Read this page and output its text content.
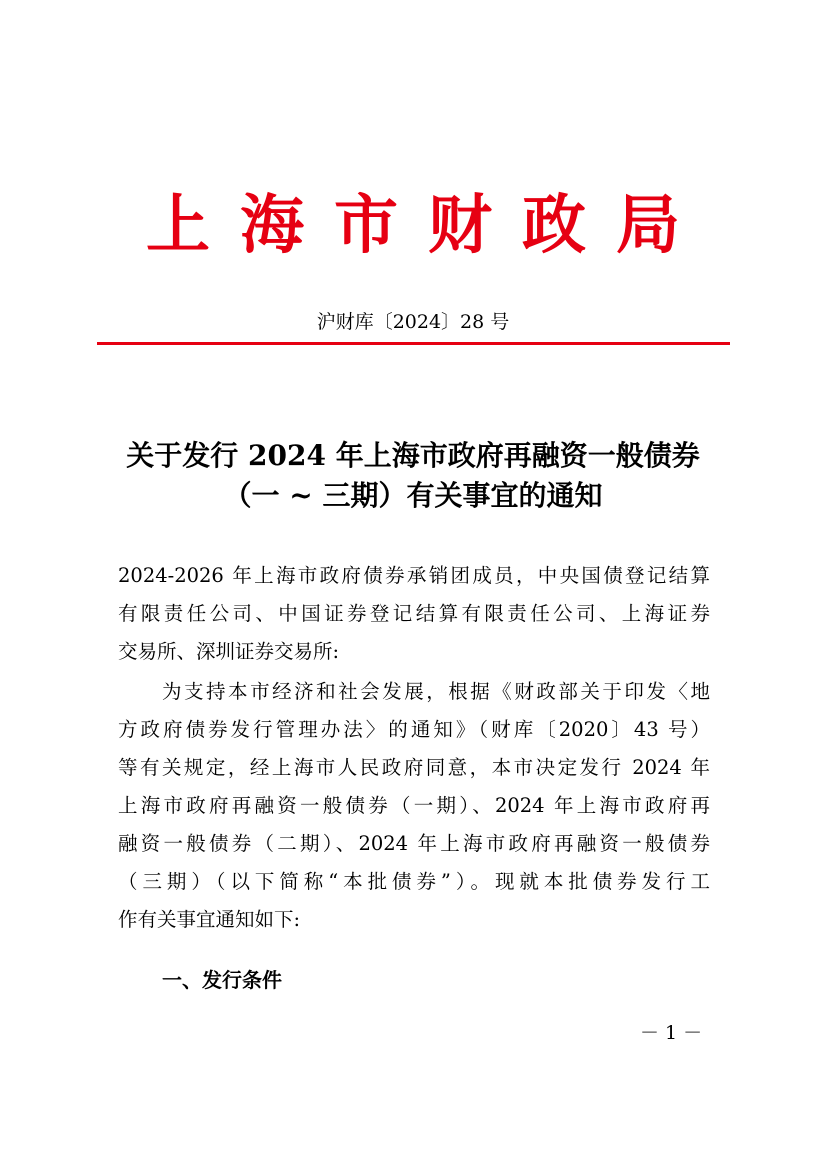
上海市财政局
沪财库〔2024〕28 号
关于发行 2024 年上海市政府再融资一般债券
（一 ~ 三期）有关事宜的通知
2024-2026 年上海市政府债券承销团成员，中央国债登记结算
有限责任公司、中国证券登记结算有限责任公司、上海证券
交易所、深圳证券交易所:
为支持本市经济和社会发展，根据《财政部关于印发〈地
方政府债券发行管理办法〉的通知》（财库〔2020〕43 号）
等有关规定，经上海市人民政府同意，本市决定发行 2024 年
上海市政府再融资一般债券（一期）、2024 年上海市政府再
融资一般债券（二期）、2024 年上海市政府再融资一般债券
（三期）（以下简称“本批债券”）。现就本批债券发行工
作有关事宜通知如下:
一、发行条件
－ 1 －
